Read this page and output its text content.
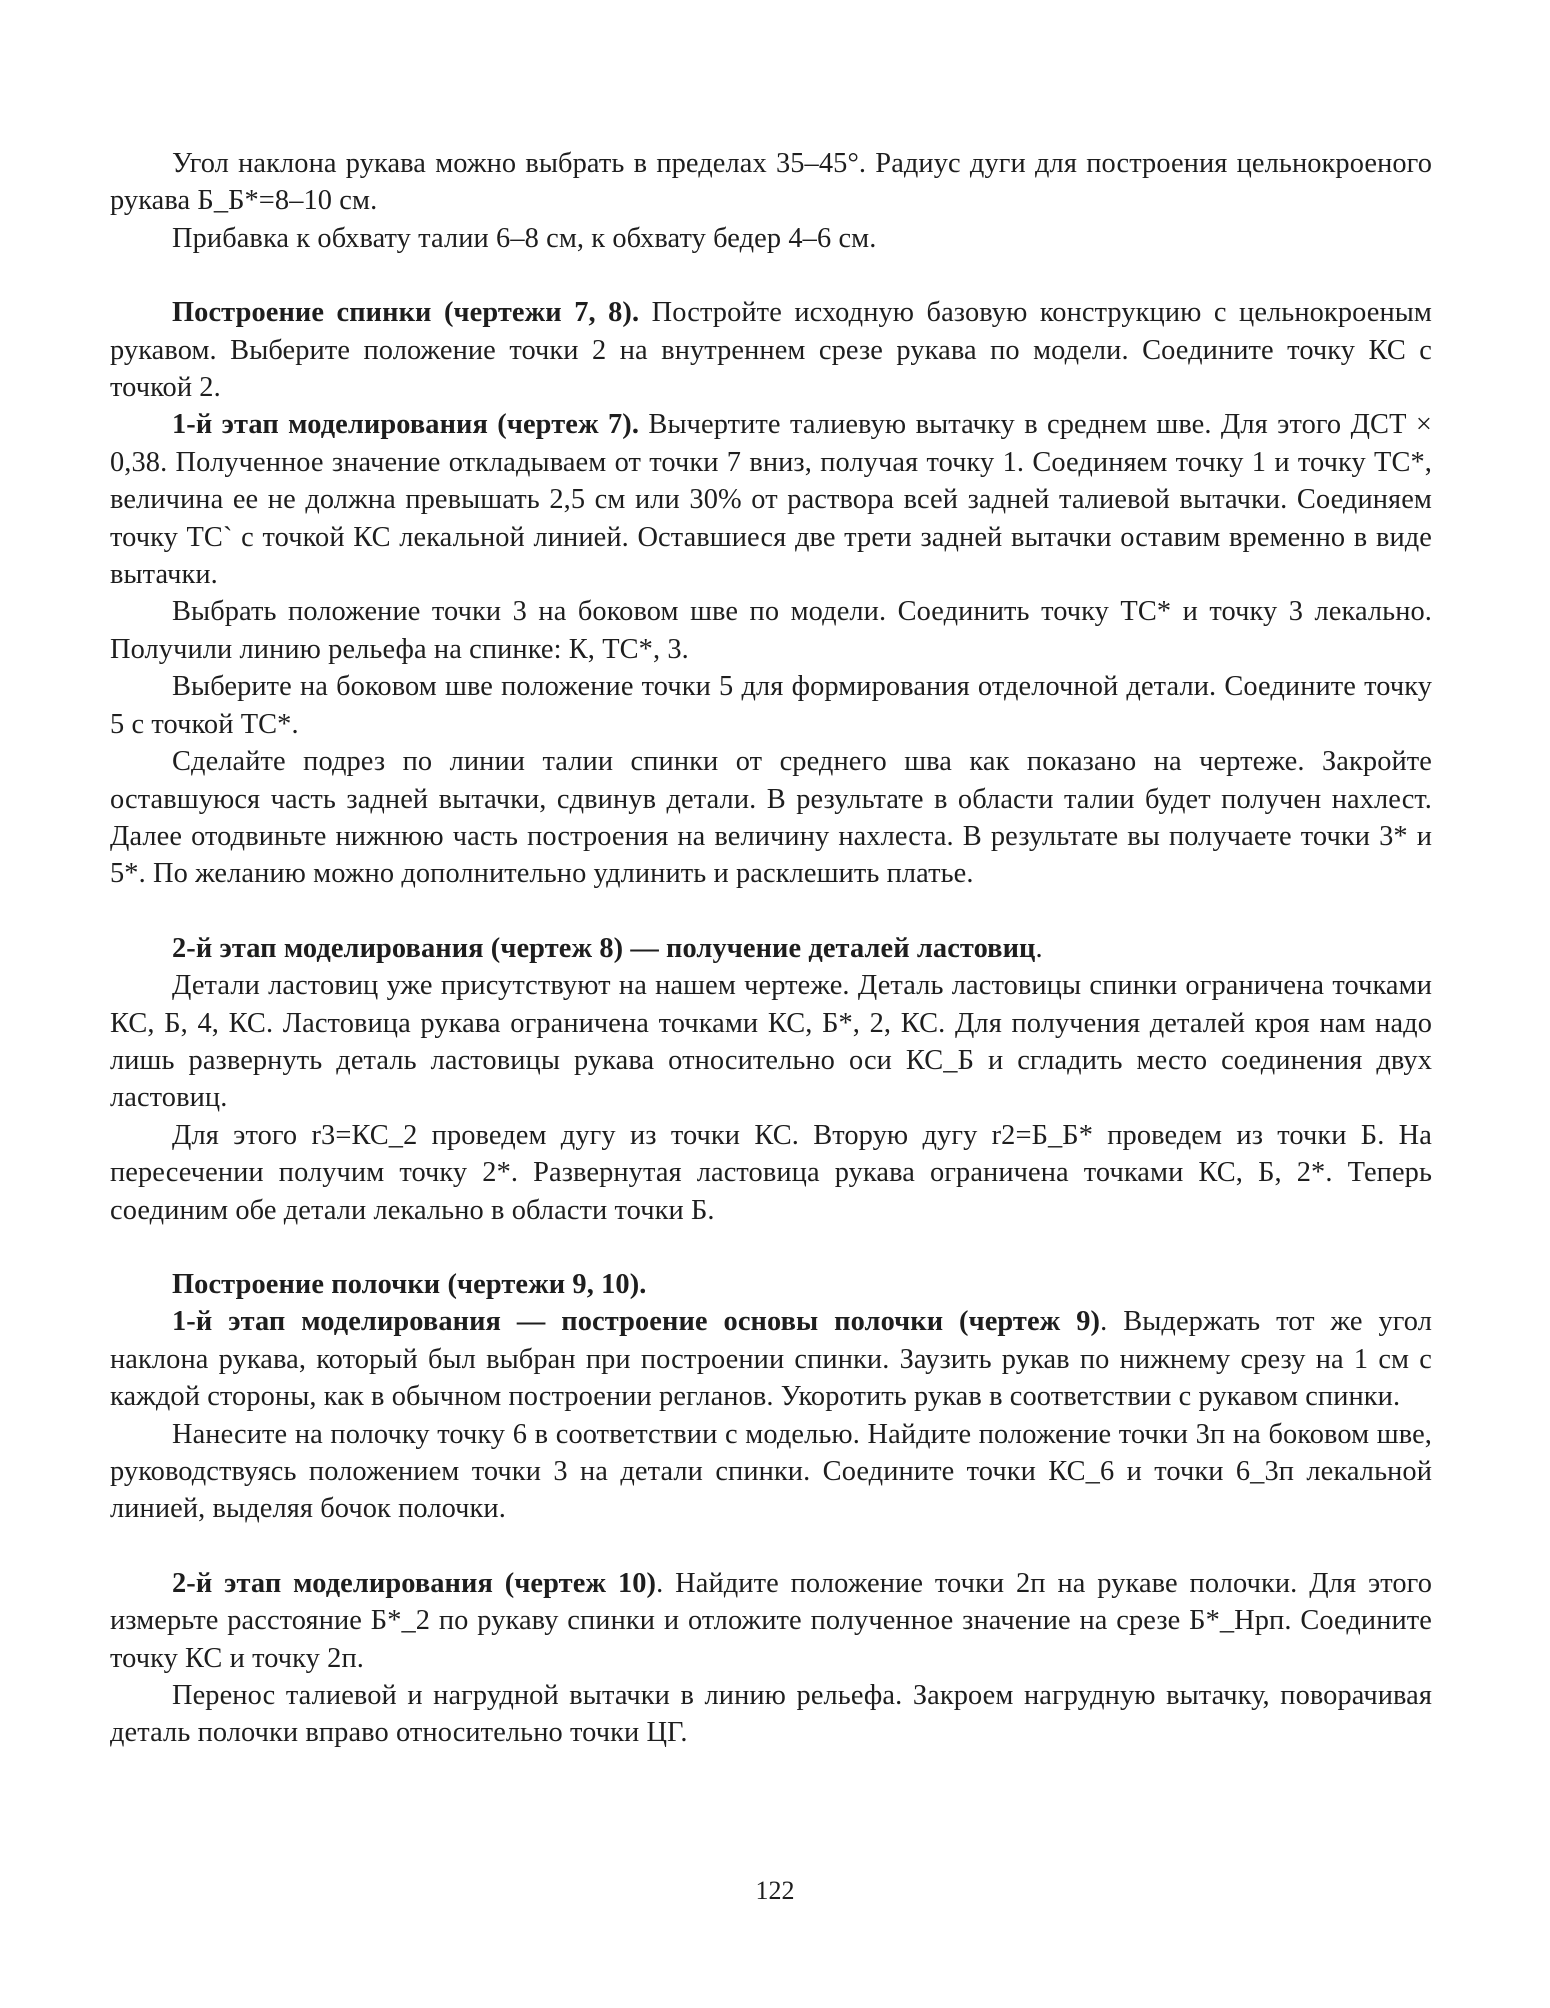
Угол наклона рукава можно выбрать в пределах 35–45°. Радиус дуги для построения цельнокроеного рукава Б_Б*=8–10 см.

Прибавка к обхвату талии 6–8 см, к обхвату бедер 4–6 см.

Построение спинки (чертежи 7, 8). Постройте исходную базовую конструкцию с цельнокроеным рукавом. Выберите положение точки 2 на внутреннем срезе рукава по модели. Соедините точку КС с точкой 2.

1-й этап моделирования (чертеж 7). Вычертите талиевую вытачку в среднем шве. Для этого ДСТ × 0,38. Полученное значение откладываем от точки 7 вниз, получая точку 1. Соединяем точку 1 и точку ТС*, величина ее не должна превышать 2,5 см или 30% от раствора всей задней талиевой вытачки. Соединяем точку ТС` с точкой КС лекальной линией. Оставшиеся две трети задней вытачки оставим временно в виде вытачки.

Выбрать положение точки 3 на боковом шве по модели. Соединить точку ТС* и точку 3 лекально. Получили линию рельефа на спинке: К, ТС*, 3.

Выберите на боковом шве положение точки 5 для формирования отделочной детали. Соедините точку 5 с точкой ТС*.

Сделайте подрез по линии талии спинки от среднего шва как показано на чертеже. Закройте оставшуюся часть задней вытачки, сдвинув детали. В результате в области талии будет получен нахлест. Далее отодвиньте нижнюю часть построения на величину нахлеста. В результате вы получаете точки 3* и 5*. По желанию можно дополнительно удлинить и расклешить платье.

2-й этап моделирования (чертеж 8) — получение деталей ластовиц.

Детали ластовиц уже присутствуют на нашем чертеже. Деталь ластовицы спинки ограничена точками КС, Б, 4, КС. Ластовица рукава ограничена точками КС, Б*, 2, КС. Для получения деталей кроя нам надо лишь развернуть деталь ластовицы рукава относительно оси КС_Б и сгладить место соединения двух ластовиц.

Для этого r3=КС_2 проведем дугу из точки КС. Вторую дугу r2=Б_Б* проведем из точки Б. На пересечении получим точку 2*. Развернутая ластовица рукава ограничена точками КС, Б, 2*. Теперь соединим обе детали лекально в области точки Б.

Построение полочки (чертежи 9, 10).

1-й этап моделирования — построение основы полочки (чертеж 9). Выдержать тот же угол наклона рукава, который был выбран при построении спинки. Заузить рукав по нижнему срезу на 1 см с каждой стороны, как в обычном построении регланов. Укоротить рукав в соответствии с рукавом спинки.

Нанесите на полочку точку 6 в соответствии с моделью. Найдите положение точки 3п на боковом шве, руководствуясь положением точки 3 на детали спинки. Соедините точки КС_6 и точки 6_3п лекальной линией, выделяя бочок полочки.

2-й этап моделирования (чертеж 10). Найдите положение точки 2п на рукаве полочки. Для этого измерьте расстояние Б*_2 по рукаву спинки и отложите полученное значение на срезе Б*_Нрп. Соедините точку КС и точку 2п.

Перенос талиевой и нагрудной вытачки в линию рельефа. Закроем нагрудную вытачку, поворачивая деталь полочки вправо относительно точки ЦГ.

122
